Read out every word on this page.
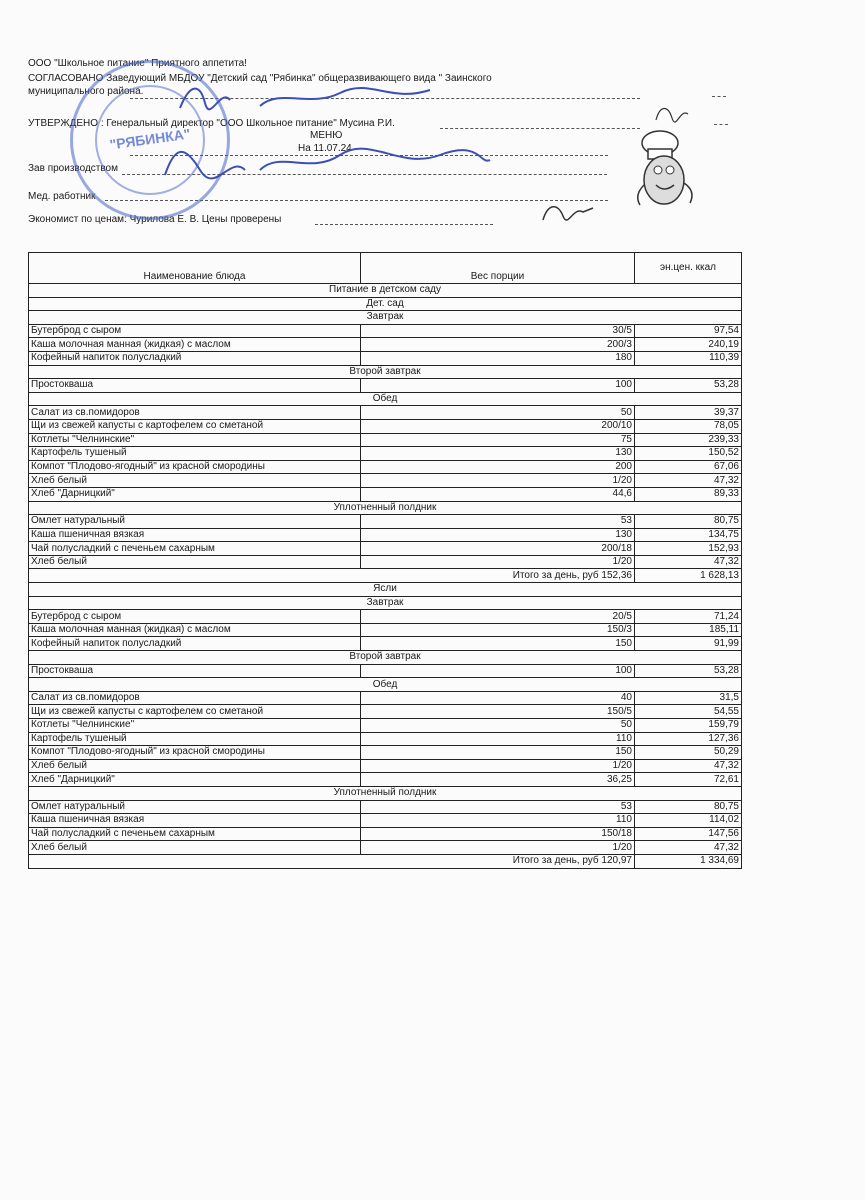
ООО "Школьное питание" Приятного аппетита!
СОГЛАСОВАНО Заведующий МБДОУ "Детский сад "Рябинка" общеразвивающего вида " Заинского
муниципального района.
УТВЕРЖДЕНО : Генеральный директор "ООО Школьное питание" Мусина Р.И.
МЕНЮ
На 11.07.24
Зав производством
Мед. работник
Экономист по ценам: Чурилова Е. В. Цены проверены
"РЯБИНКА"
Наименование блюда	Вес порции	эн.цен. ккал
Питание в детском саду		
Дет. сад		
Завтрак		
Бутерброд с сыром	30/5	97,54
Каша молочная манная (жидкая) с маслом	200/3	240,19
Кофейный напиток полусладкий	180	110,39
Второй завтрак		
Простокваша	100	53,28
Обед		
Салат из св.помидоров	50	39,37
Щи из свежей капусты с картофелем со сметаной	200/10	78,05
Котлеты "Челнинские"	75	239,33
Картофель тушеный	130	150,52
Компот "Плодово-ягодный" из красной смородины	200	67,06
Хлеб белый	1/20	47,32
Хлеб "Дарницкий"	44,6	89,33
Уплотненный полдник		
Омлет натуральный	53	80,75
Каша пшеничная вязкая	130	134,75
Чай полусладкий с печеньем сахарным	200/18	152,93
Хлеб белый	1/20	47,32
Итого за день, руб 152,36		1 628,13
Ясли		
Завтрак		
Бутерброд с сыром	20/5	71,24
Каша молочная манная (жидкая) с маслом	150/3	185,11
Кофейный напиток полусладкий	150	91,99
Второй завтрак		
Простокваша	100	53,28
Обед		
Салат из св.помидоров	40	31,5
Щи из свежей капусты с картофелем со сметаной	150/5	54,55
Котлеты "Челнинские"	50	159,79
Картофель тушеный	110	127,36
Компот "Плодово-ягодный" из красной смородины	150	50,29
Хлеб белый	1/20	47,32
Хлеб "Дарницкий"	36,25	72,61
Уплотненный полдник		
Омлет натуральный	53	80,75
Каша пшеничная вязкая	110	114,02
Чай полусладкий с печеньем сахарным	150/18	147,56
Хлеб белый	1/20	47,32
Итого за день, руб 120,97		1 334,69
